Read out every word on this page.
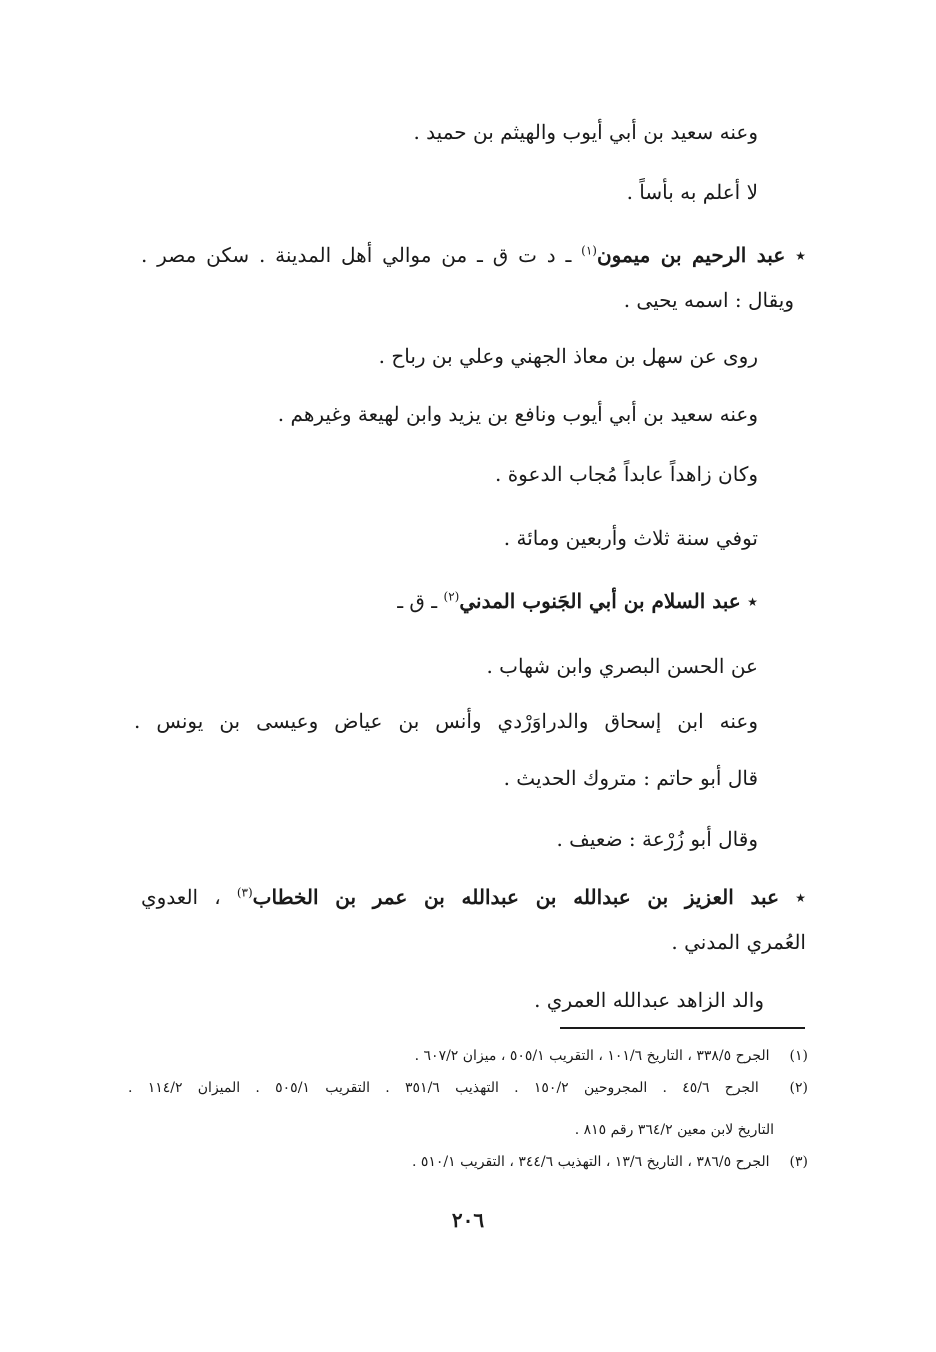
وعنه سعيد بن أبي أيوب والهيثم بن حميد .
لا أعلم به بأساً .
٭ عبد الرحيم بن ميمون$^{(١)}$ ـ د ت ق ـ من موالي أهل المدينة . سكن مصر .
ويقال : اسمه يحيى .
روى عن سهل بن معاذ الجهني وعلي بن رباح .
وعنه سعيد بن أبي أيوب ونافع بن يزيد وابن لهيعة وغيرهم .
وكان زاهداً عابداً مُجاب الدعوة .
توفي سنة ثلاث وأربعين ومائة .
٭ عبد السلام بن أبي الجَنوب المدني$^{(٢)}$ ـ ق ـ
عن الحسن البصري وابن شهاب .
وعنه ابن إسحاق والدراوَرْدي وأنس بن عياض وعيسى بن يونس .
قال أبو حاتم : متروك الحديث .
وقال أبو زُرْعة : ضعيف .
٭ عبد العزيز بن عبدالله بن عبدالله بن عمر بن الخطاب$^{(٣)}$ ، العدوي
العُمري المدني .
والد الزاهد عبدالله العمري .
(١) الجرح ٣٣٨/٥ ، التاريخ ١٠١/٦ ، التقريب ٥٠٥/١ ، ميزان ٦٠٧/٢ .
(٢) الجرح ٤٥/٦ . المجروحين ١٥٠/٢ . التهذيب ٣٥١/٦ . التقريب ٥٠٥/١ . الميزان ١١٤/٢ .
التاريخ لابن معين ٣٦٤/٢ رقم ٨١٥ .
(٣) الجرح ٣٨٦/٥ ، التاريخ ١٣/٦ ، التهذيب ٣٤٤/٦ ، التقريب ٥١٠/١ .
٢٠٦
